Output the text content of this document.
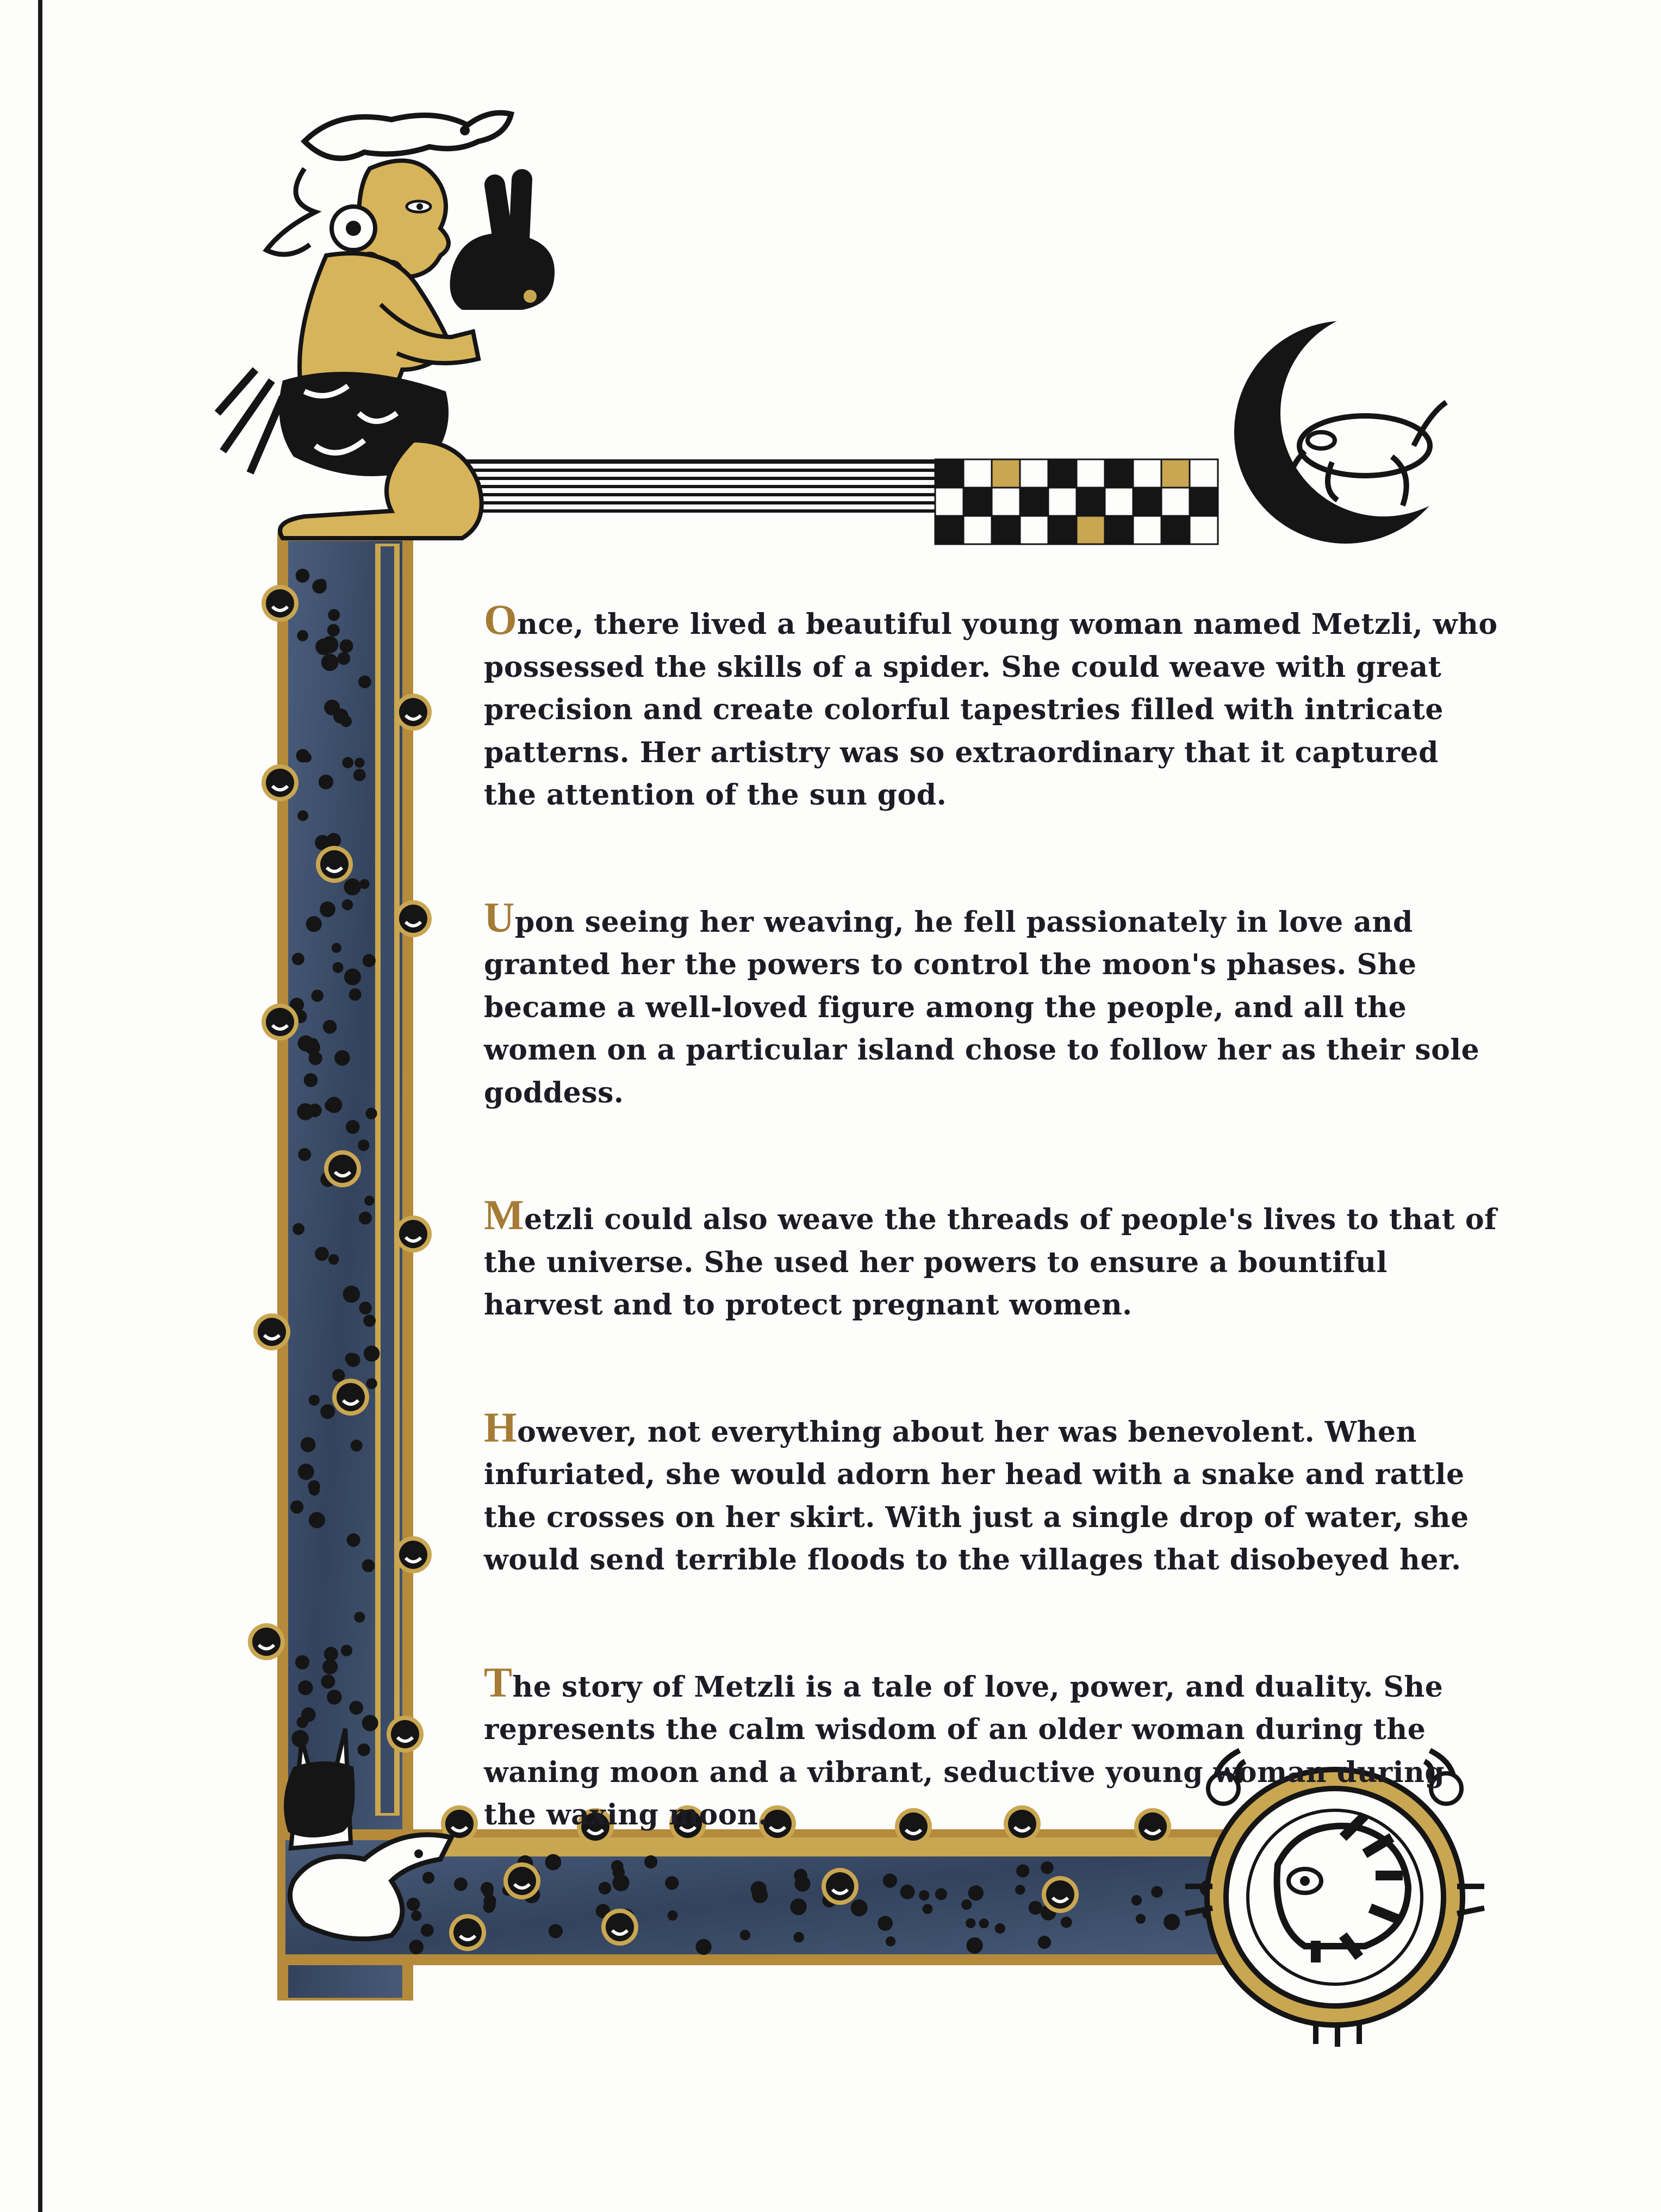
Once, there lived a beautiful young woman named Metzli, who possessed the skills of a spider. She could weave with great precision and create colorful tapestries filled with intricate patterns. Her artistry was so extraordinary that it captured the attention of the sun god.

Upon seeing her weaving, he fell passionately in love and granted her the powers to control the moon's phases. She became a well-loved figure among the people, and all the women on a particular island chose to follow her as their sole goddess.

Metzli could also weave the threads of people's lives to that of the universe. She used her powers to ensure a bountiful harvest and to protect pregnant women.

However, not everything about her was benevolent. When infuriated, she would adorn her head with a snake and rattle the crosses on her skirt. With just a single drop of water, she would send terrible floods to the villages that disobeyed her.

The story of Metzli is a tale of love, power, and duality. She represents the calm wisdom of an older woman during the waning moon and a vibrant, seductive young woman during the waxing moon.
